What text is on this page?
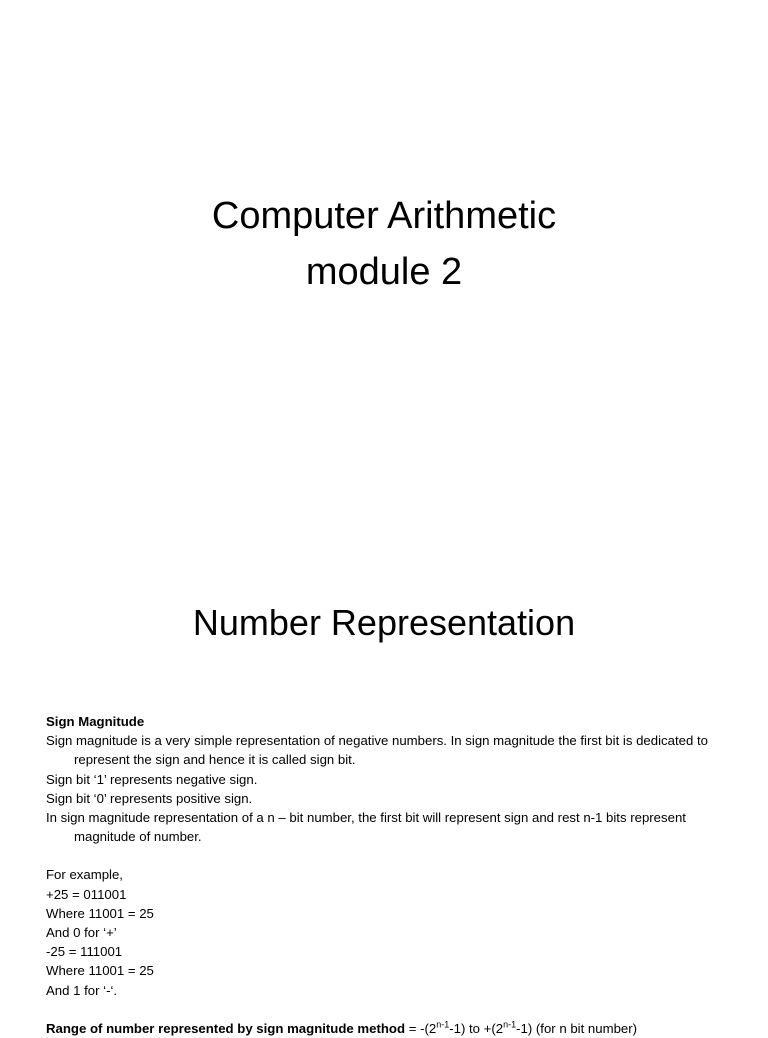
Computer Arithmetic
module 2
Number Representation

Sign Magnitude

Sign magnitude is a very simple representation of negative numbers. In sign magnitude the first bit is dedicated to represent the sign and hence it is called sign bit.

Sign bit ‘1’ represents negative sign.

Sign bit ‘0’ represents positive sign.

In sign magnitude representation of a n – bit number, the first bit will represent sign and rest n-1 bits represent magnitude of number.

For example,

+25 = 011001

Where 11001 = 25

And 0 for ‘+’

-25 = 111001

Where 11001 = 25

And 1 for ‘-‘.

Range of number represented by sign magnitude method = $-(2^{n-1}-1)$ to $+(2^{n-1}-1)$ (for n bit number)
